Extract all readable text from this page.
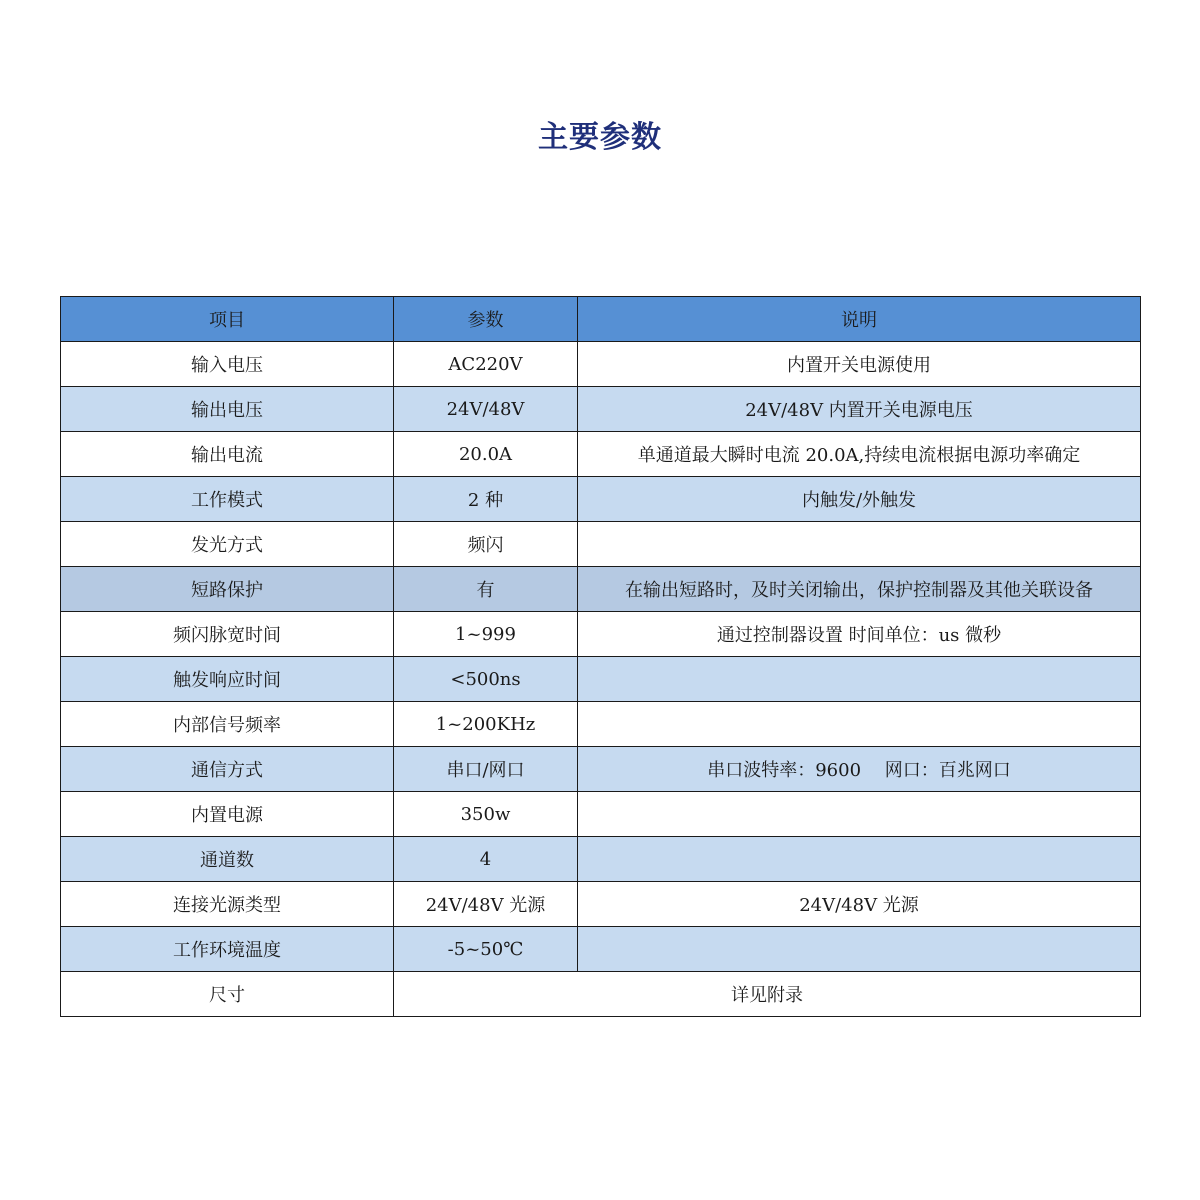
主要参数
项目	参数	说明
输入电压	AC220V	内置开关电源使用
输出电压	24V/48V	24V/48V 内置开关电源电压
输出电流	20.0A	单通道最大瞬时电流 20.0A,持续电流根据电源功率确定
工作模式	2 种	内触发/外触发
发光方式	频闪	
短路保护	有	在输出短路时，及时关闭输出，保护控制器及其他关联设备
频闪脉宽时间	1~999	通过控制器设置 时间单位：us 微秒
触发响应时间	<500ns	
内部信号频率	1~200KHz	
通信方式	串口/网口	串口波特率：9600　 网口：百兆网口
内置电源	350w	
通道数	4	
连接光源类型	24V/48V 光源	24V/48V 光源
工作环境温度	-5~50℃	
尺寸	详见附录	
